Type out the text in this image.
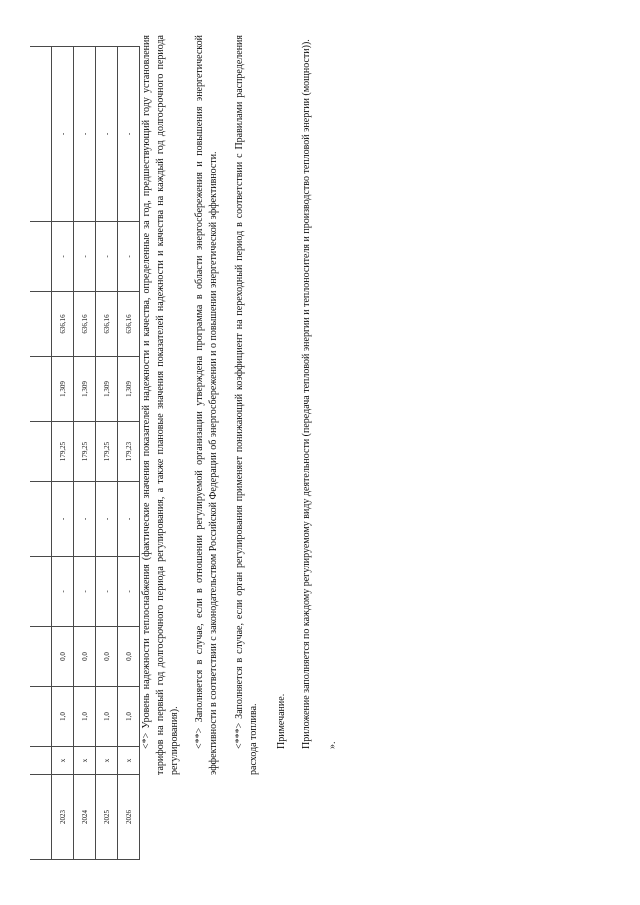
2023	x	1,0	0,0	-	-	179,25	1,309	636,16	-	-
2024	x	1,0	0,0	-	-	179,25	1,309	636,16	-	-
2025	x	1,0	0,0	-	-	179,25	1,309	636,16	-	-
2026	x	1,0	0,0	-	-	179,23	1,309	636,16	-	- <*> Уровень надежности теплоснабжения (фактические значения показателей надежности и качества, определенные за год, предшествующий году установления тарифов на первый год долгосрочного периода регулирования, а также плановые значения показателей надежности и качества на каждый год долгосрочного периода регулирования). <**> Заполняется в случае, если в отношении регулируемой организации утверждена программа в области энергосбережения и повышения энергетической эффективности в соответствии с законодательством Российской Федерации об энергосбережении и о повышении энергетической эффективности. <***> Заполняется в случае, если орган регулирования применяет понижающий коэффициент на переходный период в соответствии с Правилами распределения расхода топлива. Примечание. Приложение заполняется по каждому регулируемому виду деятельности (передача тепловой энергии и теплоносителя и производство тепловой энергии (мощности)). ».
